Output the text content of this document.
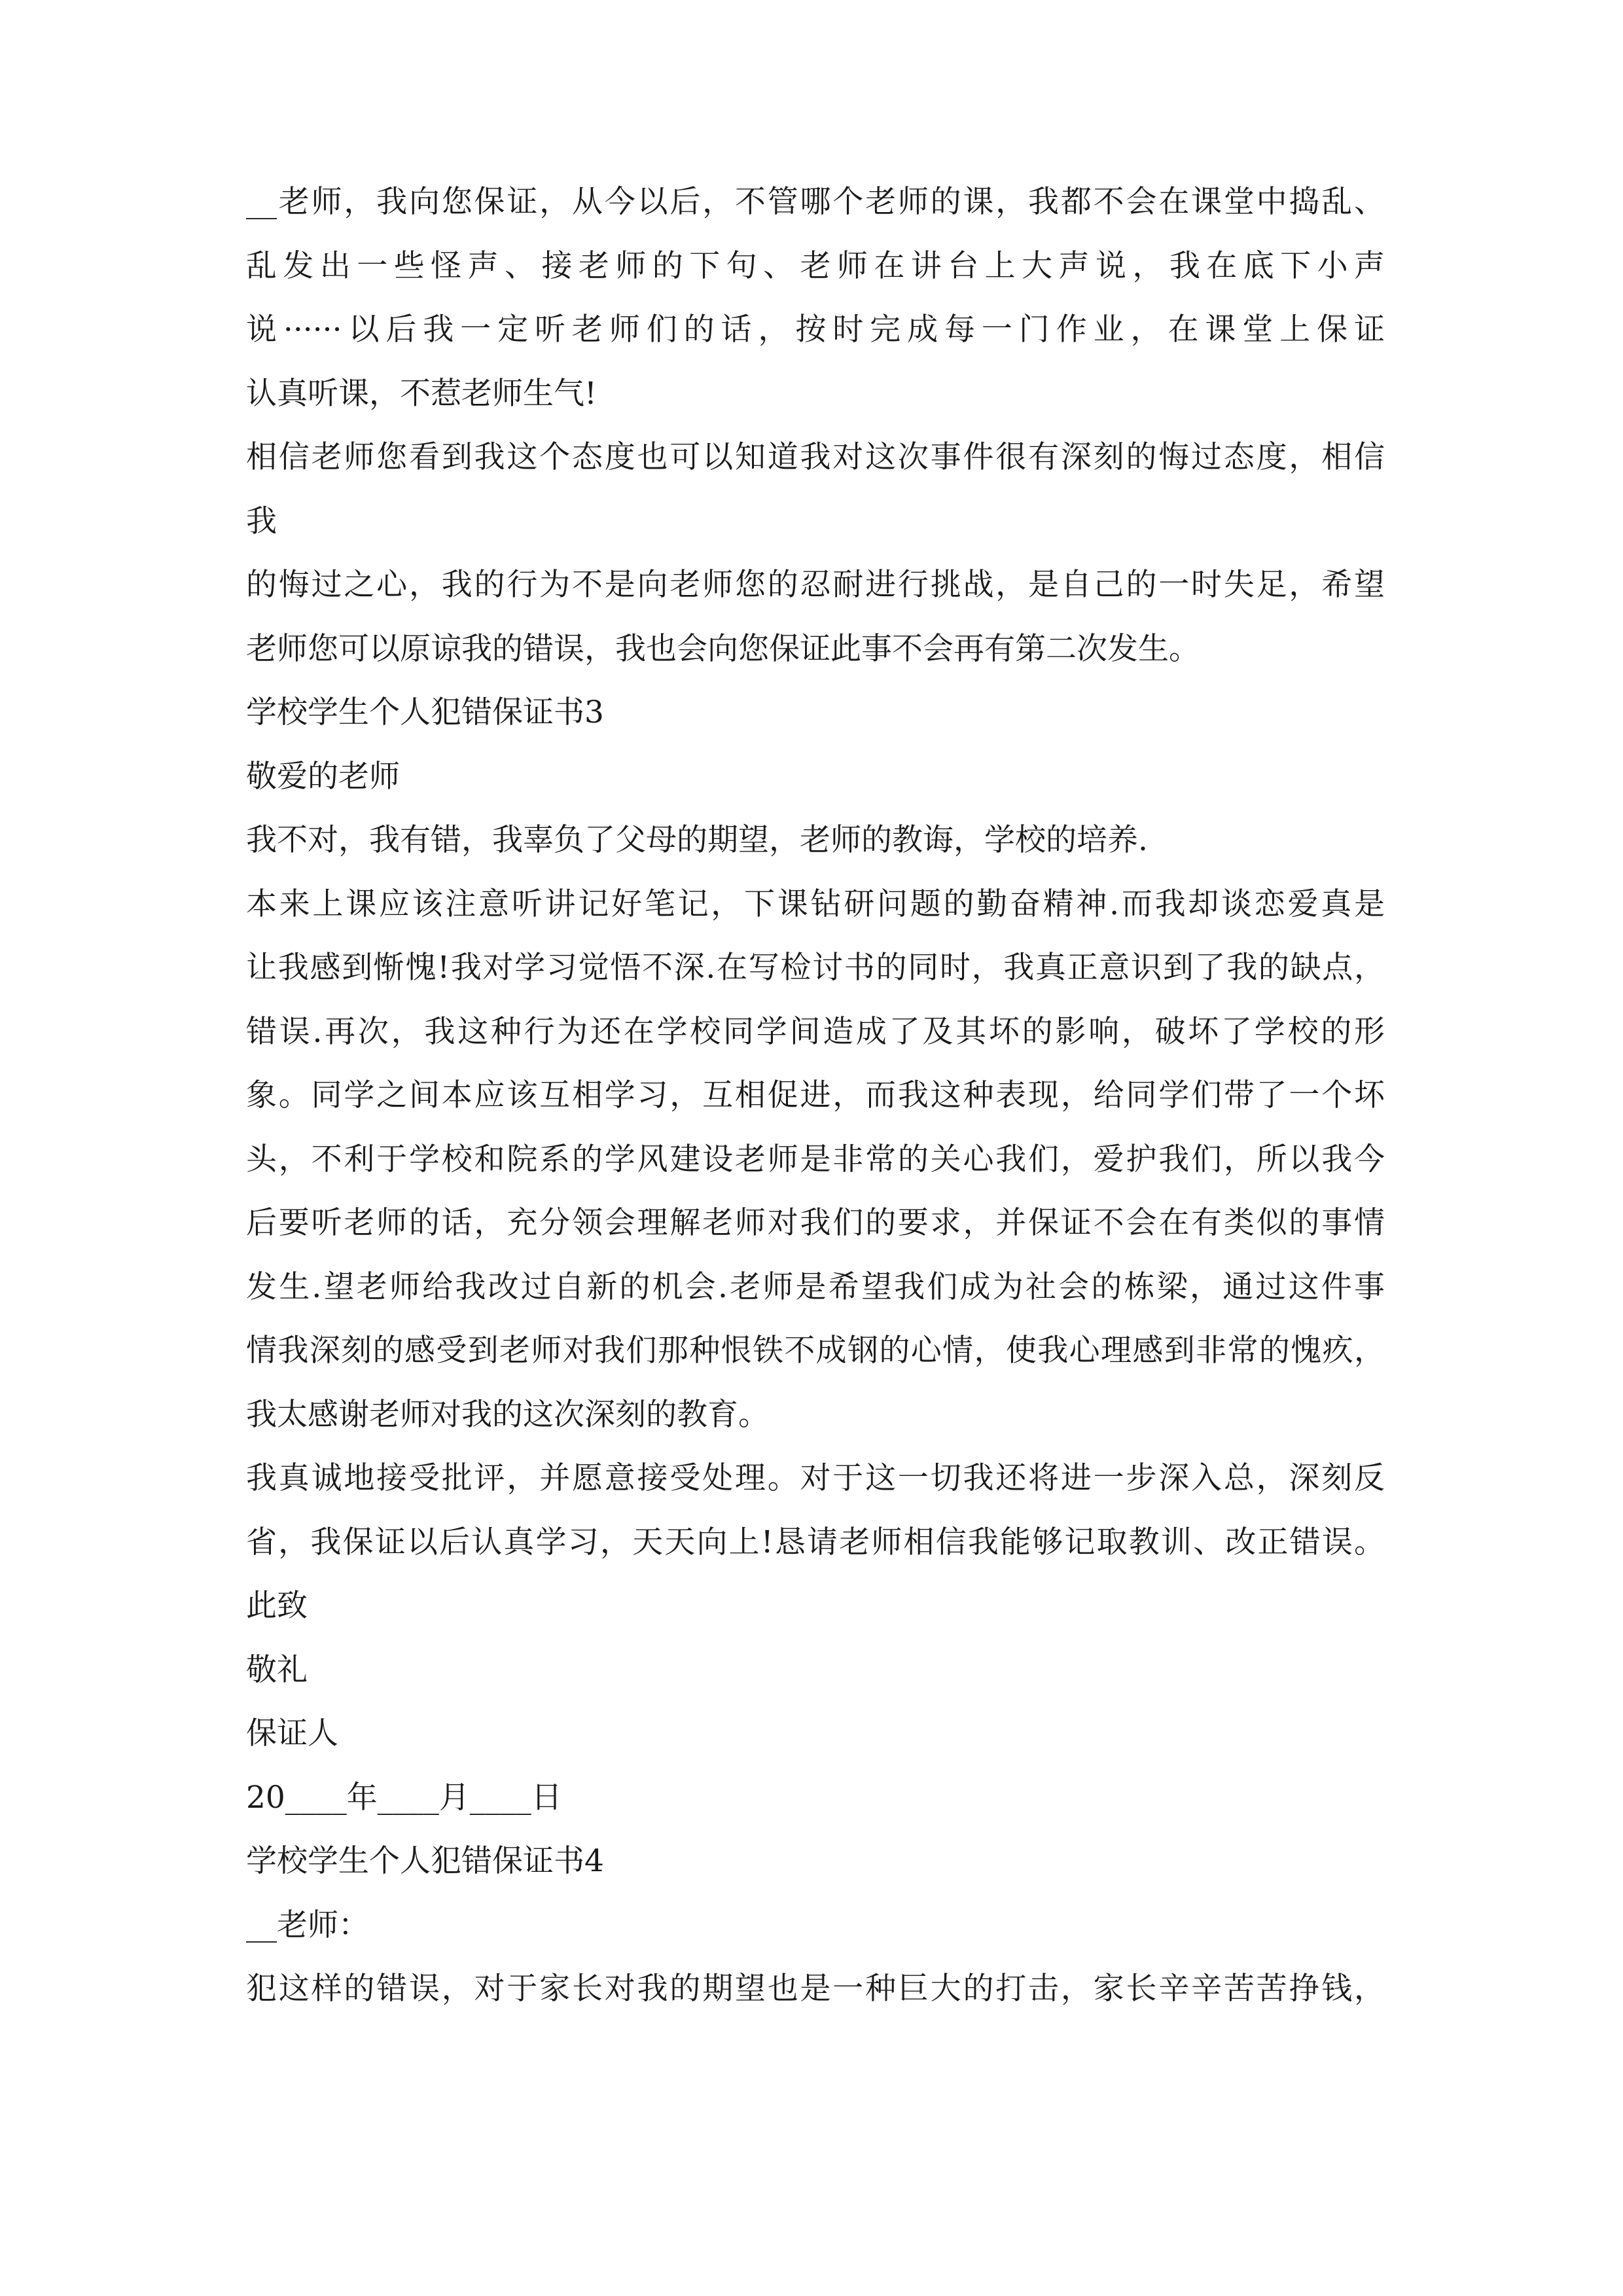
__老师，我向您保证，从今以后，不管哪个老师的课，我都不会在课堂中捣乱、
乱发出一些怪声、接老师的下句、老师在讲台上大声说，我在底下小声
说······以后我一定听老师们的话，按时完成每一门作业，在课堂上保证
认真听课，不惹老师生气!
相信老师您看到我这个态度也可以知道我对这次事件很有深刻的悔过态度，相信
我
的悔过之心，我的行为不是向老师您的忍耐进行挑战，是自己的一时失足，希望
老师您可以原谅我的错误，我也会向您保证此事不会再有第二次发生。
学校学生个人犯错保证书3
敬爱的老师
我不对，我有错，我辜负了父母的期望，老师的教诲，学校的培养.
本来上课应该注意听讲记好笔记，下课钻研问题的勤奋精神.而我却谈恋爱真是
让我感到惭愧!我对学习觉悟不深.在写检讨书的同时，我真正意识到了我的缺点，
错误.再次，我这种行为还在学校同学间造成了及其坏的影响，破坏了学校的形
象。同学之间本应该互相学习，互相促进，而我这种表现，给同学们带了一个坏
头，不利于学校和院系的学风建设老师是非常的关心我们，爱护我们，所以我今
后要听老师的话，充分领会理解老师对我们的要求，并保证不会在有类似的事情
发生.望老师给我改过自新的机会.老师是希望我们成为社会的栋梁，通过这件事
情我深刻的感受到老师对我们那种恨铁不成钢的心情，使我心理感到非常的愧疚，
我太感谢老师对我的这次深刻的教育。
我真诚地接受批评，并愿意接受处理。对于这一切我还将进一步深入总，深刻反
省，我保证以后认真学习，天天向上!恳请老师相信我能够记取教训、改正错误。
此致
敬礼
保证人
20____年____月____日
学校学生个人犯错保证书4
__老师：
犯这样的错误，对于家长对我的期望也是一种巨大的打击，家长辛辛苦苦挣钱，
